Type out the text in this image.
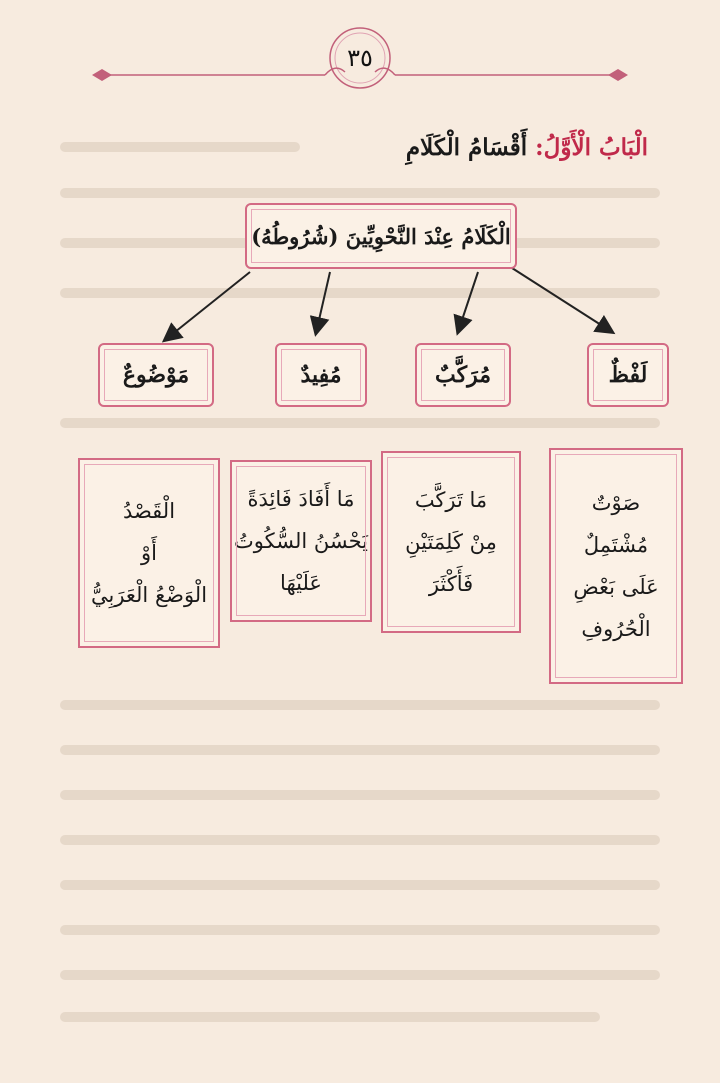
٣٥
الْبَابُ الْأَوَّلُ: أَقْسَامُ الْكَلَامِ
الْكَلَامُ عِنْدَ النَّحْوِيِّينَ (شُرُوطُهُ)
لَفْظٌ
مُرَكَّبٌ
مُفِيدٌ
مَوْضُوعٌ
صَوْتٌ
مُشْتَمِلٌ
عَلَى بَعْضِ
الْحُرُوفِ
مَا تَرَكَّبَ
مِنْ كَلِمَتَيْنِ
فَأَكْثَرَ
مَا أَفَادَ فَائِدَةً
يَحْسُنُ السُّكُوتُ
عَلَيْهَا
الْقَصْدُ
أَوْ
الْوَضْعُ الْعَرَبِيُّ
